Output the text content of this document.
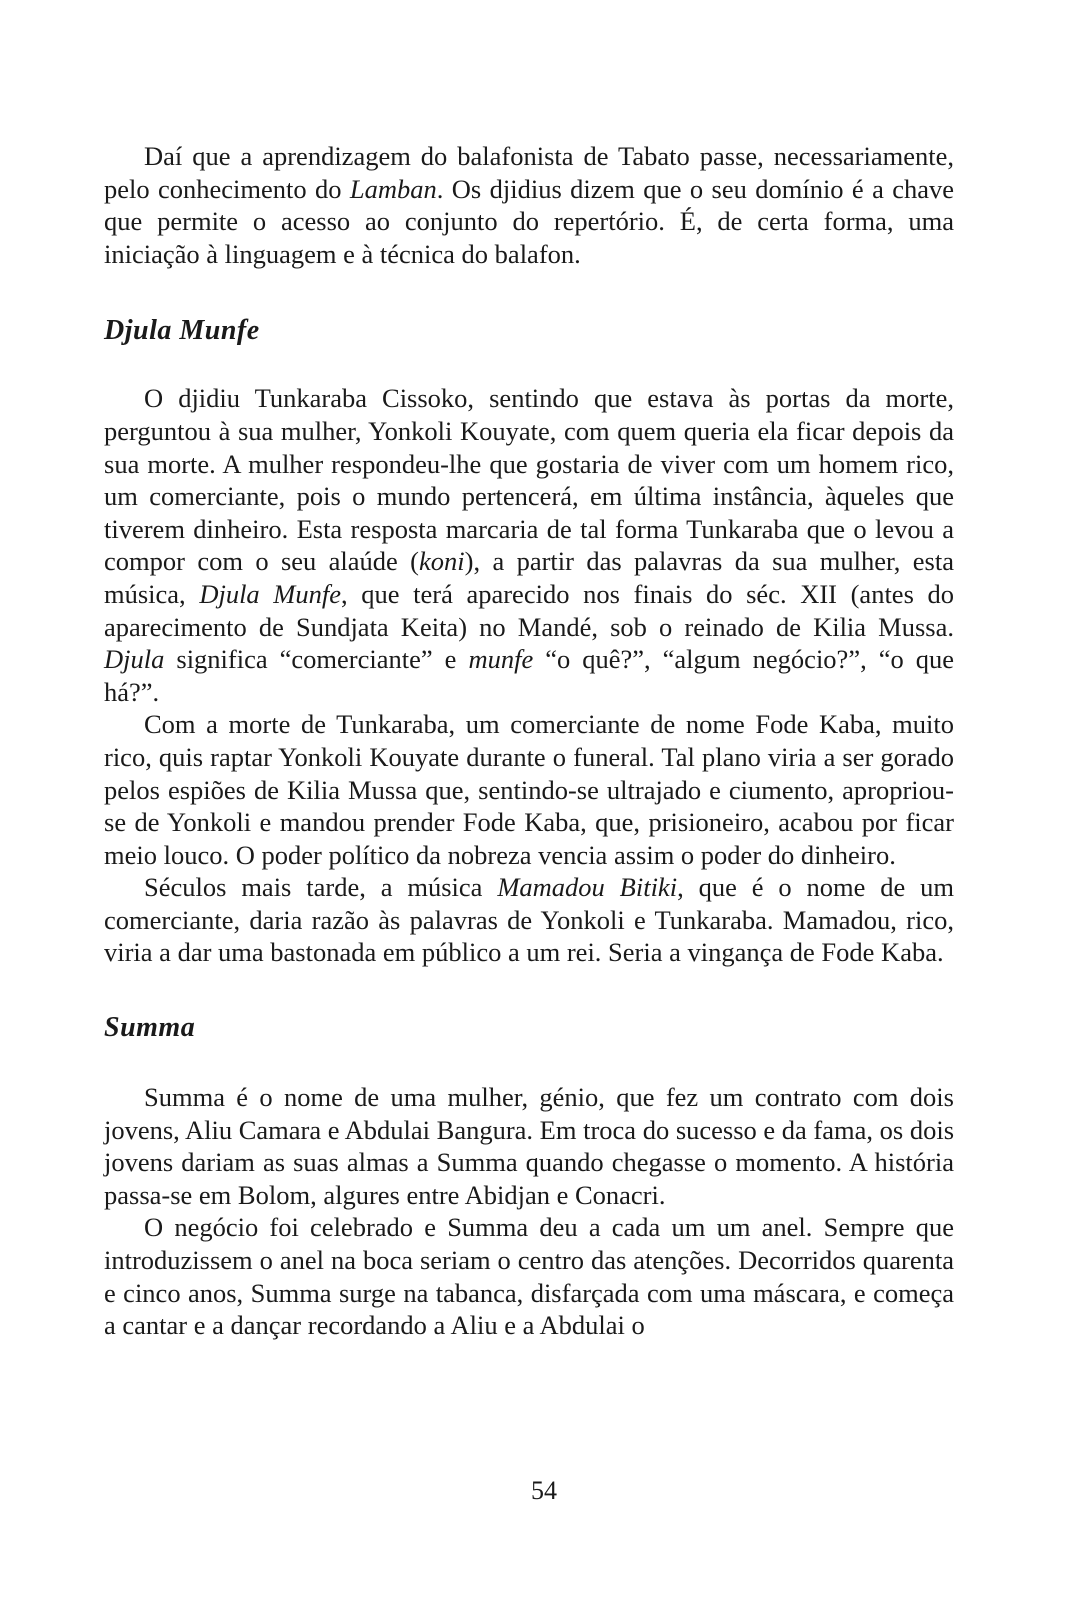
Daí que a aprendizagem do balafonista de Tabato passe, necessariamente, pelo conhecimento do Lamban. Os djidius dizem que o seu domínio é a chave que permite o acesso ao conjunto do repertório. É, de certa forma, uma iniciação à linguagem e à técnica do balafon.

Djula Munfe

O djidiu Tunkaraba Cissoko, sentindo que estava às portas da morte, perguntou à sua mulher, Yonkoli Kouyate, com quem queria ela ficar depois da sua morte. A mulher respondeu-lhe que gostaria de viver com um homem rico, um comerciante, pois o mundo pertencerá, em última instância, àqueles que tiverem dinheiro. Esta resposta marcaria de tal forma Tunkaraba que o levou a compor com o seu alaúde (koni), a partir das palavras da sua mulher, esta música, Djula Munfe, que terá aparecido nos finais do séc. XII (antes do aparecimento de Sundjata Keita) no Mandé, sob o reinado de Kilia Mussa. Djula significa “comerciante” e munfe “o quê?”, “algum negócio?”, “o que há?”.

Com a morte de Tunkaraba, um comerciante de nome Fode Kaba, muito rico, quis raptar Yonkoli Kouyate durante o funeral. Tal plano viria a ser gorado pelos espiões de Kilia Mussa que, sentindo-se ultrajado e ciumento, apropriou-se de Yonkoli e mandou prender Fode Kaba, que, prisioneiro, acabou por ficar meio louco. O poder político da nobreza vencia assim o poder do dinheiro.

Séculos mais tarde, a música Mamadou Bitiki, que é o nome de um comerciante, daria razão às palavras de Yonkoli e Tunkaraba. Mamadou, rico, viria a dar uma bastonada em público a um rei. Seria a vingança de Fode Kaba.

Summa

Summa é o nome de uma mulher, génio, que fez um contrato com dois jovens, Aliu Camara e Abdulai Bangura. Em troca do sucesso e da fama, os dois jovens dariam as suas almas a Summa quando chegasse o momento. A história passa-se em Bolom, algures entre Abidjan e Conacri.

O negócio foi celebrado e Summa deu a cada um um anel. Sempre que introduzissem o anel na boca seriam o centro das atenções. Decorridos quarenta e cinco anos, Summa surge na tabanca, disfarçada com uma máscara, e começa a cantar e a dançar recordando a Aliu e a Abdulai o

54
